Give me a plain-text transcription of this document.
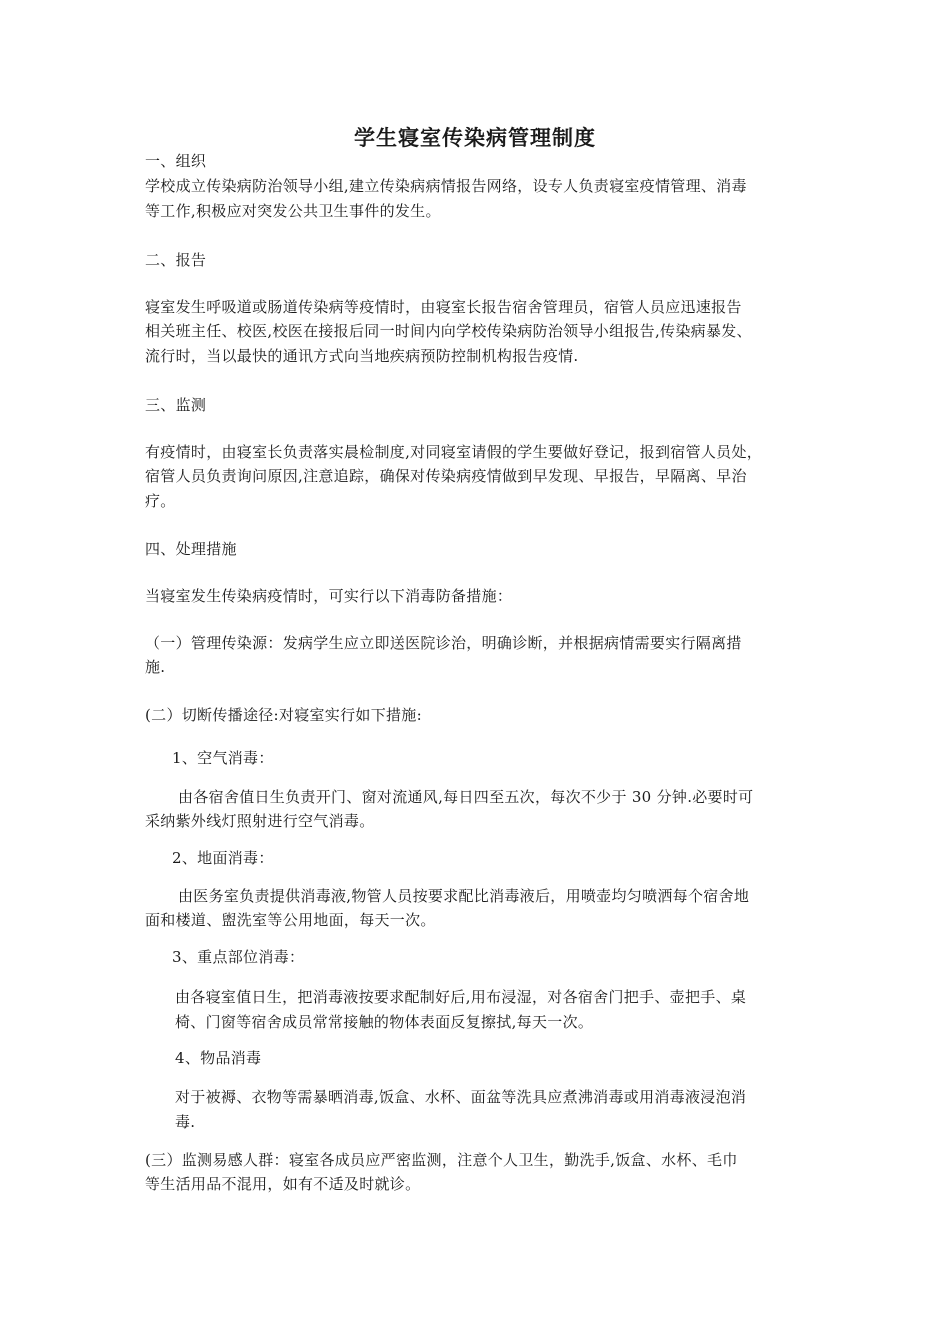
学生寝室传染病管理制度
一、组织
学校成立传染病防治领导小组,建立传染病病情报告网络，设专人负责寝室疫情管理、消毒
等工作,积极应对突发公共卫生事件的发生。
二、报告
寝室发生呼吸道或肠道传染病等疫情时，由寝室长报告宿舍管理员，宿管人员应迅速报告
相关班主任、校医,校医在接报后同一时间内向学校传染病防治领导小组报告,传染病暴发、
流行时，当以最快的通讯方式向当地疾病预防控制机构报告疫情.
三、监测
有疫情时，由寝室长负责落实晨检制度,对同寝室请假的学生要做好登记，报到宿管人员处，
宿管人员负责询问原因,注意追踪，确保对传染病疫情做到早发现、早报告，早隔离、早治
疗。
四、处理措施
当寝室发生传染病疫情时，可实行以下消毒防备措施：
（一）管理传染源：发病学生应立即送医院诊治，明确诊断，并根据病情需要实行隔离措
施.
(二）切断传播途径:对寝室实行如下措施:
1、空气消毒：
由各宿舍值日生负责开门、窗对流通风,每日四至五次，每次不少于 30 分钟.必要时可
采纳紫外线灯照射进行空气消毒。
2、地面消毒：
由医务室负责提供消毒液,物管人员按要求配比消毒液后，用喷壶均匀喷洒每个宿舍地
面和楼道、盥洗室等公用地面，每天一次。
3、重点部位消毒：
由各寝室值日生，把消毒液按要求配制好后,用布浸湿，对各宿舍门把手、壶把手、桌
椅、门窗等宿舍成员常常接触的物体表面反复擦拭,每天一次。
4、物品消毒
对于被褥、衣物等需暴晒消毒,饭盒、水杯、面盆等洗具应煮沸消毒或用消毒液浸泡消
毒.
(三）监测易感人群：寝室各成员应严密监测，注意个人卫生，勤洗手,饭盒、水杯、毛巾
等生活用品不混用，如有不适及时就诊。
